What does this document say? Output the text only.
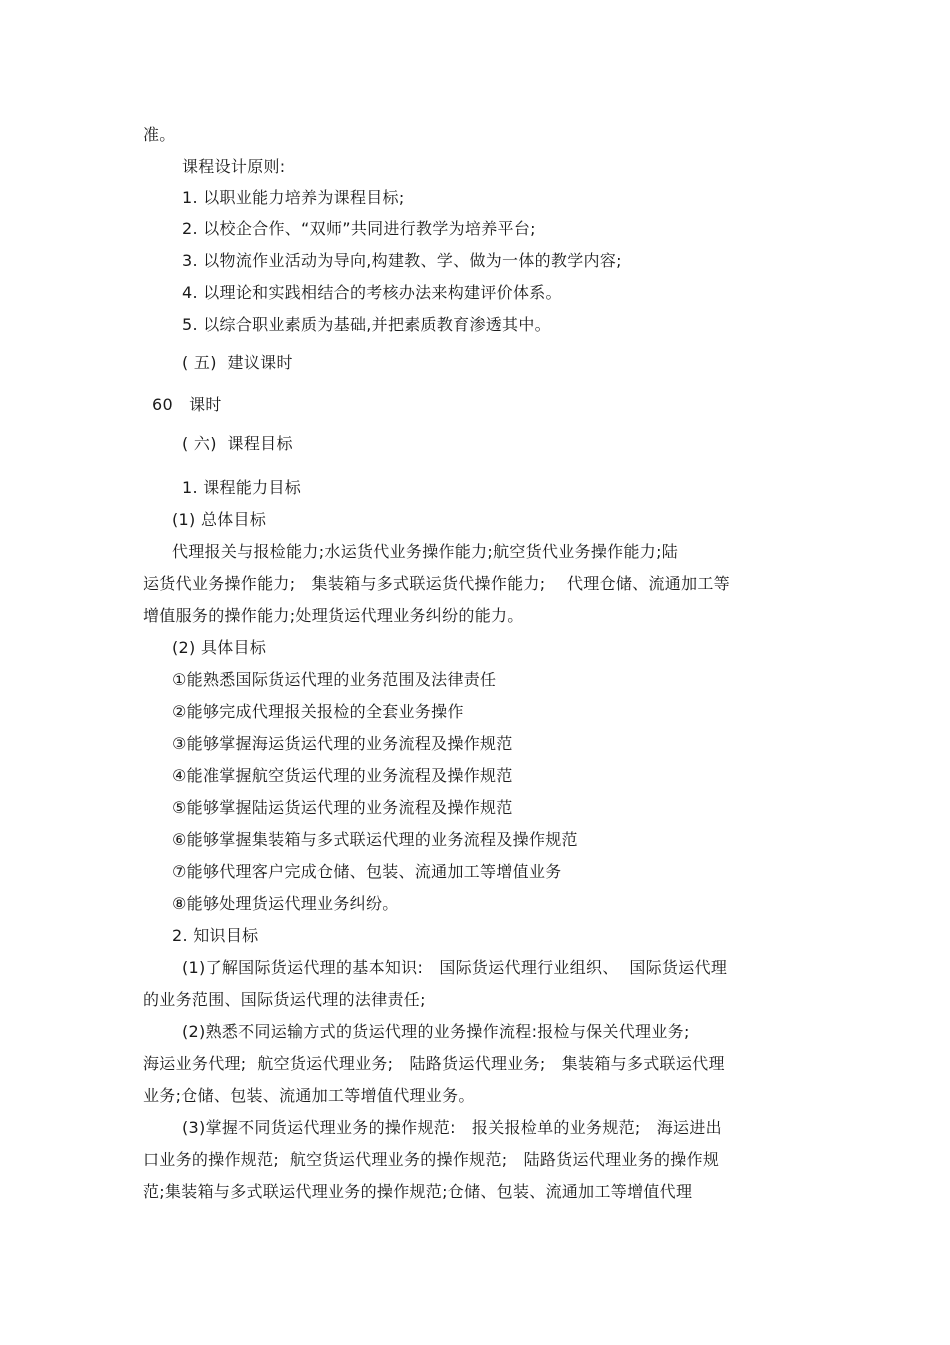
准。
课程设计原则:
1. 以职业能力培养为课程目标;
2. 以校企合作、“双师”共同进行教学为培养平台;
3. 以物流作业活动为导向,构建教、学、做为一体的教学内容;
4. 以理论和实践相结合的考核办法来构建评价体系。
5. 以综合职业素质为基础,并把素质教育渗透其中。
( 五)  建议课时
60   课时
( 六)  课程目标
1. 课程能力目标
(1) 总体目标
代理报关与报检能力;水运货代业务操作能力;航空货代业务操作能力;陆
运货代业务操作能力;   集装箱与多式联运货代操作能力;    代理仓储、流通加工等
增值服务的操作能力;处理货运代理业务纠纷的能力。
(2) 具体目标
①能熟悉国际货运代理的业务范围及法律责任
②能够完成代理报关报检的全套业务操作
③能够掌握海运货运代理的业务流程及操作规范
④能准掌握航空货运代理的业务流程及操作规范
⑤能够掌握陆运货运代理的业务流程及操作规范
⑥能够掌握集装箱与多式联运代理的业务流程及操作规范
⑦能够代理客户完成仓储、包装、流通加工等增值业务
⑧能够处理货运代理业务纠纷。
2. 知识目标
(1)了解国际货运代理的基本知识:   国际货运代理行业组织、  国际货运代理
的业务范围、国际货运代理的法律责任;
(2)熟悉不同运输方式的货运代理的业务操作流程:报检与保关代理业务;
海运业务代理;  航空货运代理业务;   陆路货运代理业务;   集装箱与多式联运代理
业务;仓储、包装、流通加工等增值代理业务。
(3)掌握不同货运代理业务的操作规范:   报关报检单的业务规范;   海运进出
口业务的操作规范;  航空货运代理业务的操作规范;   陆路货运代理业务的操作规
范;集装箱与多式联运代理业务的操作规范;仓储、包装、流通加工等增值代理
